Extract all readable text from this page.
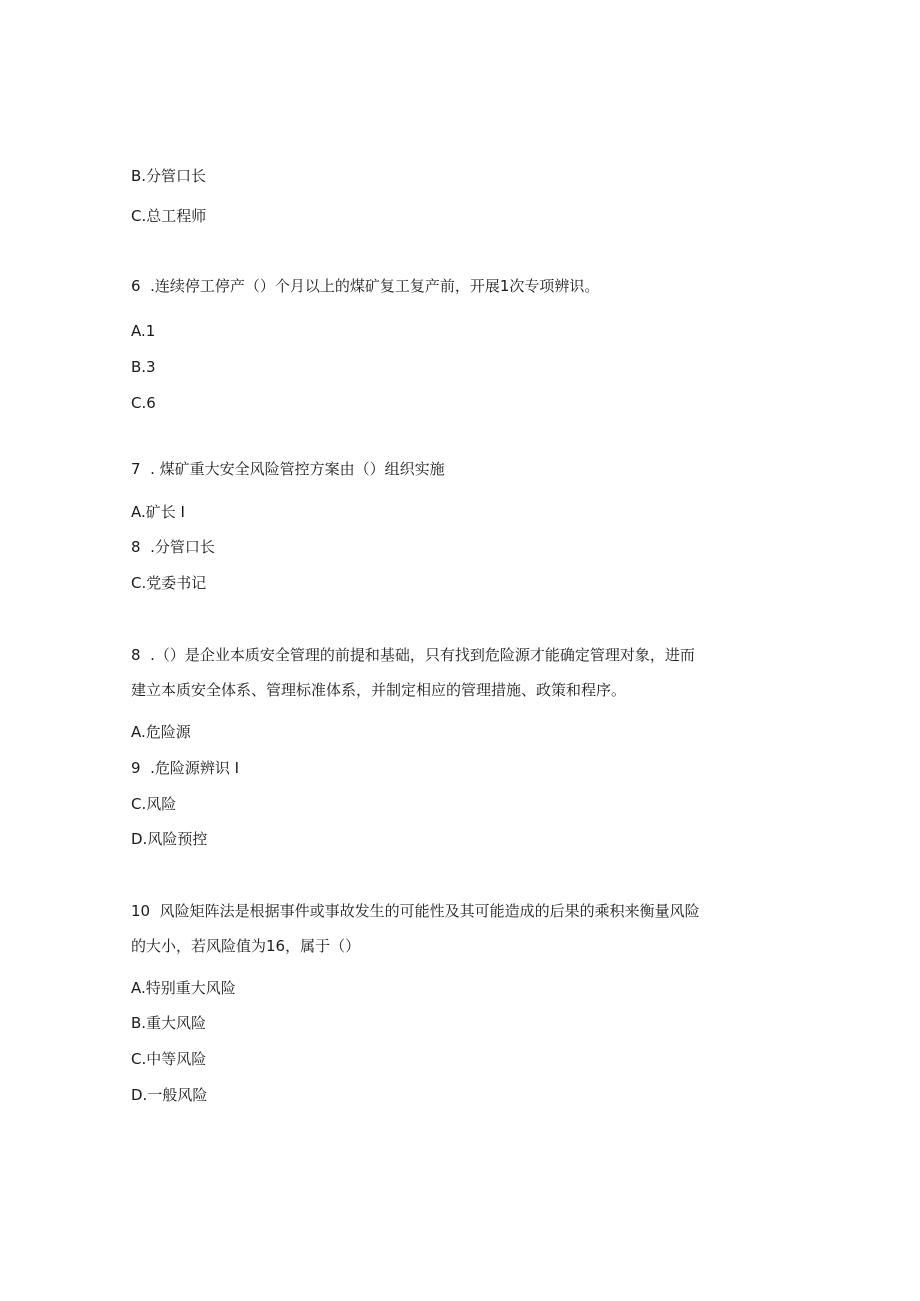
B.分管口长
C.总工程师
6  .连续停工停产（）个月以上的煤矿复工复产前，开展1次专项辨识。
A.1
B.3
C.6
7  . 煤矿重大安全风险管控方案由（）组织实施
A.矿长 I
8  .分管口长
C.党委书记
8  .（）是企业本质安全管理的前提和基础，只有找到危险源才能确定管理对象，进而
建立本质安全体系、管理标准体系，并制定相应的管理措施、政策和程序。
A.危险源
9  .危险源辨识 I
C.风险
D.风险预控
10  风险矩阵法是根据事件或事故发生的可能性及其可能造成的后果的乘积来衡量风险
的大小，若风险值为16，属于（）
A.特别重大风险
B.重大风险
C.中等风险
D.一般风险
